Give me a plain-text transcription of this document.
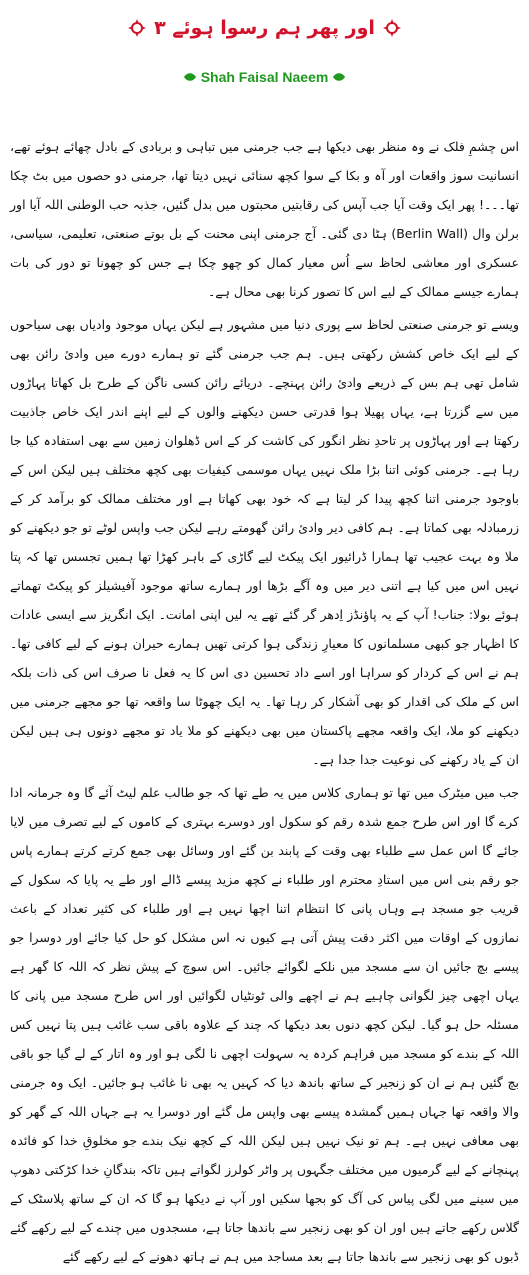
اور پھر ہم رسوا ہوئے ۳
Shah Faisal Naeem

اس چشمِ فلک نے وہ منظر بھی دیکھا ہے جب جرمنی میں تباہی و بربادی کے بادل چھائے ہوئے تھے، انسانیت سوز واقعات اور آہ و بکا کے سوا کچھ سنائی نہیں دیتا تھا، جرمنی دو حصوں میں بٹ چکا تھا۔۔۔! پھر ایک وقت آیا جب آپس کی رقابتیں محبتوں میں بدل گئیں، جذبہ حب الوطنی اللہ آیا اور برلن وال (Berlin Wall) ہٹا دی گئی۔ آج جرمنی اپنی محنت کے بل بوتے صنعتی، تعلیمی، سیاسی، عسکری اور معاشی لحاظ سے اُس معیار کمال کو چھو چکا ہے جس کو چھونا تو دور کی بات ہمارے جیسے ممالک کے لیے اس کا تصور کرنا بھی محال ہے۔

ویسے تو جرمنی صنعتی لحاظ سے پوری دنیا میں مشہور ہے لیکن یہاں موجود وادیاں بھی سیاحوں کے لیے ایک خاص کشش رکھتی ہیں۔ ہم جب جرمنی گئے تو ہمارے دورے میں وادئ رائن بھی شامل تھی ہم بس کے ذریعے وادئ رائن پہنچے۔ دریائے رائن کسی ناگن کے طرح بل کھاتا پہاڑوں میں سے گزرتا ہے، یہاں پھیلا ہوا قدرتی حسن دیکھنے والوں کے لیے اپنے اندر ایک خاص جاذبیت رکھتا ہے اور پہاڑوں پر تاحدِ نظر انگور کی کاشت کر کے اس ڈھلوان زمین سے بھی استفادہ کیا جا رہا ہے۔ جرمنی کوئی اتنا بڑا ملک نہیں یہاں موسمی کیفیات بھی کچھ مختلف ہیں لیکن اس کے باوجود جرمنی اتنا کچھ پیدا کر لیتا ہے کہ خود بھی کھاتا ہے اور مختلف ممالک کو برآمد کر کے زرمبادلہ بھی کماتا ہے۔ ہم کافی دیر وادئ رائن گھومتے رہے لیکن جب واپس لوٹے تو جو دیکھنے کو ملا وہ بہت عجیب تھا ہمارا ڈرائیور ایک پیکٹ لیے گاڑی کے باہر کھڑا تھا ہمیں تجسس تھا کہ پتا نہیں اس میں کیا ہے اتنی دیر میں وہ آگے بڑھا اور ہمارے ساتھ موجود آفیشیلز کو پیکٹ تھماتے ہوئے بولا: جناب! آپ کے یہ پاؤنڈز اِدھر گر گئے تھے یہ لیں اپنی امانت۔ ایک انگریز سے ایسی عادات کا اظہار جو کبھی مسلمانوں کا معیارِ زندگی ہوا کرتی تھیں ہمارے حیران ہونے کے لیے کافی تھا۔ ہم نے اس کے کردار کو سراہا اور اسے داد تحسین دی اس کا یہ فعل نا صرف اس کی ذات بلکہ اس کے ملک کی اقدار کو بھی آشکار کر رہا تھا۔ یہ ایک چھوٹا سا واقعہ تھا جو مجھے جرمنی میں دیکھنے کو ملا، ایک واقعہ مجھے پاکستان میں بھی دیکھنے کو ملا یاد تو مجھے دونوں ہی ہیں لیکن ان کے یاد رکھنے کی نوعیت جدا جدا ہے۔

جب میں میٹرک میں تھا تو ہماری کلاس میں یہ طے تھا کہ جو طالب علم لیٹ آئے گا وہ جرمانہ ادا کرے گا اور اس طرح جمع شدہ رقم کو سکول اور دوسرے بہتری کے کاموں کے لیے تصرف میں لایا جائے گا اس عمل سے طلباء بھی وقت کے پابند بن گئے اور وسائل بھی جمع کرتے کرتے ہمارے پاس جو رقم بنی اس میں استادِ محترم اور طلباء نے کچھ مزید پیسے ڈالے اور طے یہ پایا کہ سکول کے قریب جو مسجد ہے وہاں پانی کا انتظام اتنا اچھا نہیں ہے اور طلباء کی کثیر تعداد کے باعث نمازوں کے اوقات میں اکثر دقت پیش آتی ہے کیوں نہ اس مشکل کو حل کیا جائے اور دوسرا جو پیسے بچ جائیں ان سے مسجد میں نلکے لگوائے جائیں۔ اس سوچ کے پیش نظر کہ اللہ کا گھر ہے یہاں اچھی چیز لگوانی چاہیے ہم نے اچھے والی ٹونٹیاں لگوائیں اور اس طرح مسجد میں پانی کا مسئلہ حل ہو گیا۔ لیکن کچھ دنوں بعد دیکھا کہ چند کے علاوہ باقی سب غائب ہیں پتا نہیں کس اللہ کے بندے کو مسجد میں فراہم کردہ یہ سہولت اچھی نا لگی ہو اور وہ اتار کے لے گیا جو باقی بچ گئیں ہم نے ان کو زنجیر کے ساتھ باندھ دیا کہ کہیں یہ بھی نا غائب ہو جائیں۔ ایک وہ جرمنی والا واقعہ تھا جہاں ہمیں گمشدہ پیسے بھی واپس مل گئے اور دوسرا یہ ہے جہاں اللہ کے گھر کو بھی معافی نہیں ہے۔ ہم تو نیک نہیں ہیں لیکن اللہ کے کچھ نیک بندے جو مخلوقِ خدا کو فائدہ پہنچانے کے لیے گرمیوں میں مختلف جگہوں پر واٹر کولرز لگواتے ہیں تاکہ بندگانِ خدا کڑکتی دھوپ میں سینے میں لگی پیاس کی آگ کو بجھا سکیں اور آپ نے دیکھا ہو گا کہ ان کے ساتھ پلاسٹک کے گلاس رکھے جاتے ہیں اور ان کو بھی زنجیر سے باندھا جاتا ہے، مسجدوں میں چندے کے لیے رکھے گئے ڈبوں کو بھی زنجیر سے باندھا جاتا ہے بعد مساجد میں ہم نے ہاتھ دھونے کے لیے رکھے گئے
